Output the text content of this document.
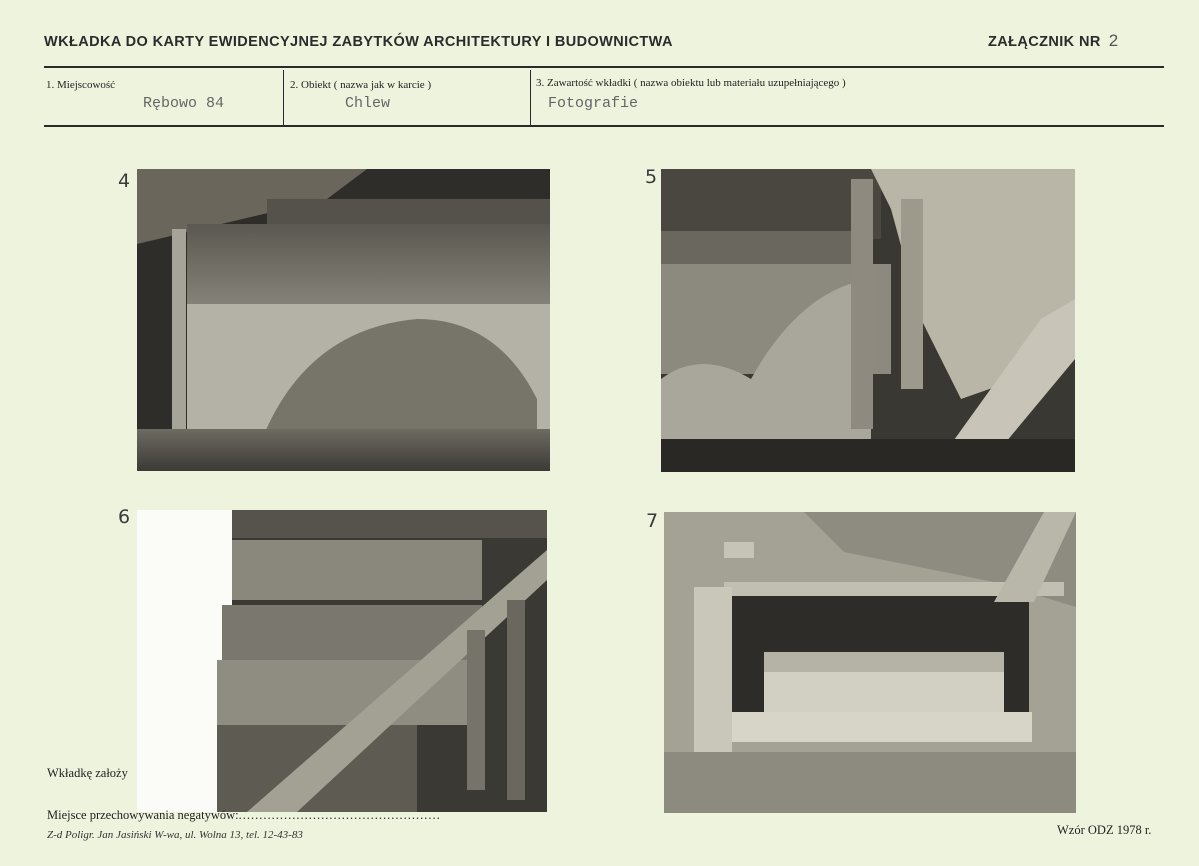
WKŁADKA DO KARTY EWIDENCYJNEJ ZABYTKÓW ARCHITEKTURY I BUDOWNICTWA	ZAŁĄCZNIK NR 2
1. Miejscowość
Rębowo 84
2. Obiekt ( nazwa jak w karcie )
Chlew
3. Zawartość wkładki ( nazwa obiektu lub materiału uzupełniającego )
Fotografie
4	5
6	7
Wkładkę założy
Miejsce przechowywania negatywów:.................................................
Z-d Poligr. Jan Jasiński W-wa, ul. Wolna 13, tel. 12-43-83	Wzór ODZ 1978 r.
